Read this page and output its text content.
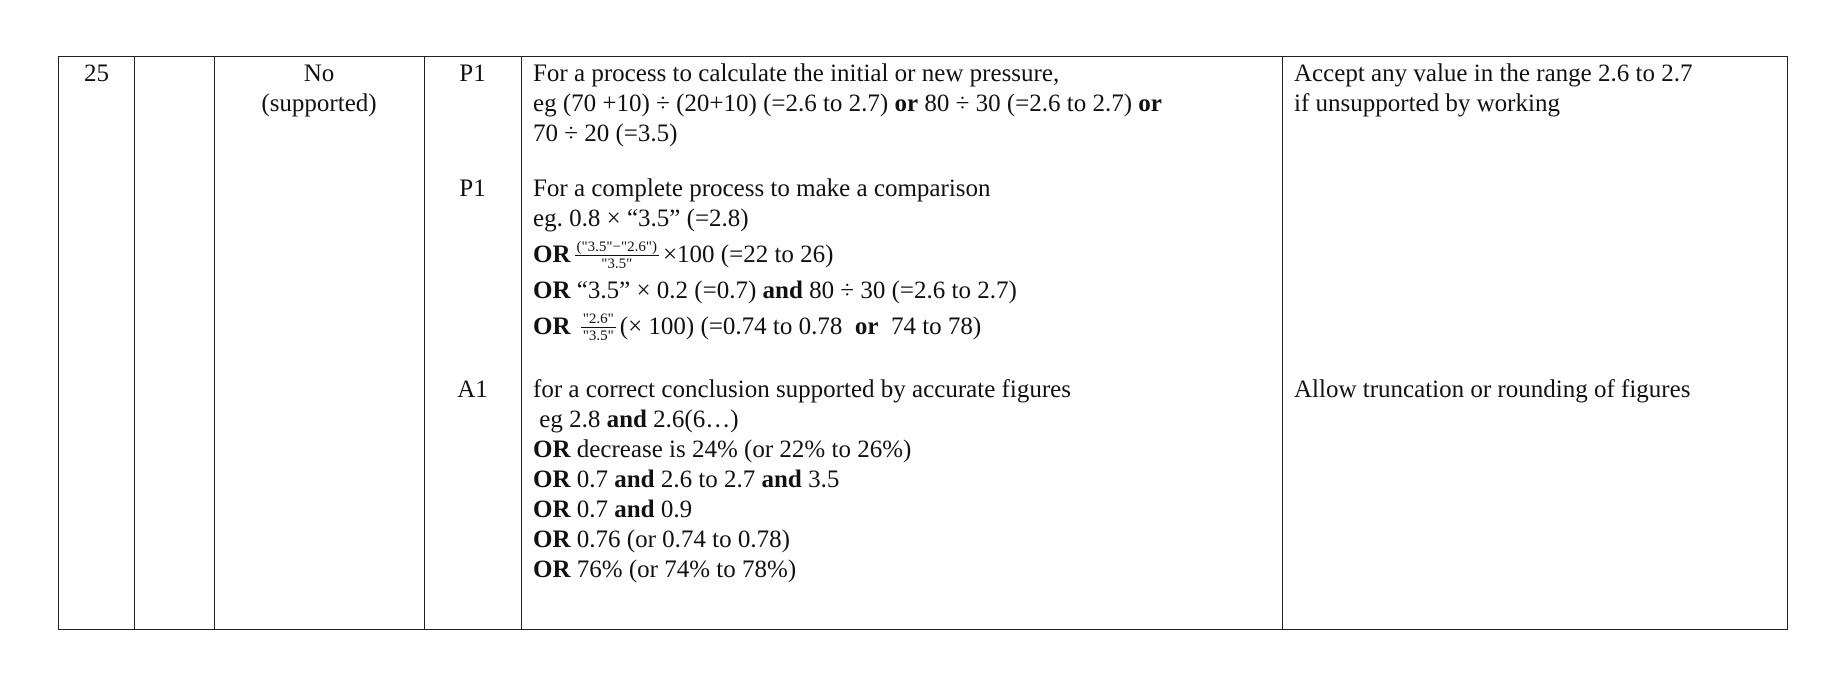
25	No
(supported)
P1
P1
A1
For a process to calculate the initial or new pressure,
eg (70 +10) ÷ (20+10) (=2.6 to 2.7) or 80 ÷ 30 (=2.6 to 2.7) or
70 ÷ 20 (=3.5)
For a complete process to make a comparison
eg. 0.8 × “3.5” (=2.8)
OR $\frac{("3.5"-"2.6")}{"3.5"} \times 100$ (=22 to 26)
OR “3.5” × 0.2 (=0.7) and 80 ÷ 30 (=2.6 to 2.7)
OR
$\frac{"2.6"}{"3.5"}$ (× 100) (=0.74 to 0.78  or  74 to 78)
for a correct conclusion supported by accurate figures
eg 2.8 and 2.6(6…)
OR decrease is 24% (or 22% to 26%)
OR 0.7 and 2.6 to 2.7 and 3.5
OR 0.7 and 0.9
OR 0.76 (or 0.74 to 0.78)
OR 76% (or 74% to 78%)
Accept any value in the range 2.6 to 2.7
if unsupported by working
Allow truncation or rounding of figures
